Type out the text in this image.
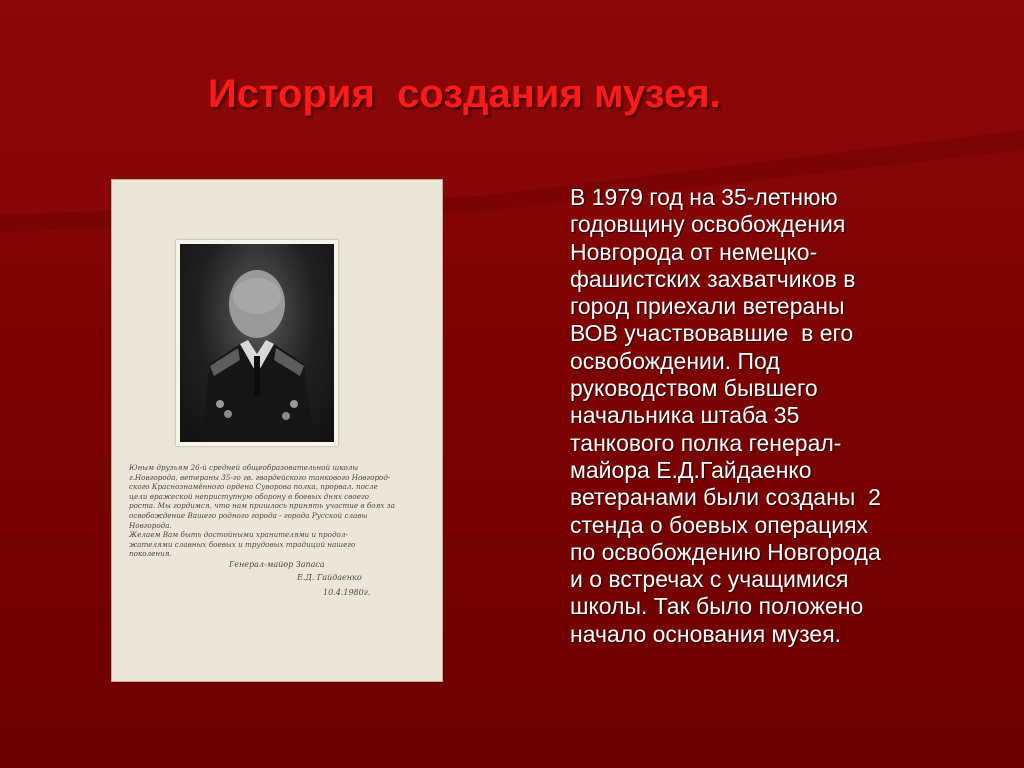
История  создания музея.

Юным друзьям 26-й средней общеобразовательной школы

г.Новгорода, ветераны 35-го гв. гвардейского танкового Новгород-

ского Краснознамённого ордена Суворова полка, прорвал. после

цели вражеской неприступную оборону в боевых днях своего

роста. Мы гордимся, что нам пришлось принять участие в боях за

освобождение Вашего родного города - города Русской славы

Новгорода.

Желаем Вам быть достойными хранителями и продол-

жателями славных боевых и трудовых традиций нашего

поколения.

Генерал-майор Запаса
Е.Д. Гайдаенко
10.4.1980г.
В 1979 год на 35-летнюю
годовщину освобождения
Новгорода от немецко-
фашистских захватчиков в
город приехали ветераны
ВОВ участвовавшие  в его
освобождении. Под
руководством бывшего
начальника штаба 35
танкового полка генерал-
майора Е.Д.Гайдаенко
ветеранами были созданы  2
стенда о боевых операциях
по освобождению Новгорода
и о встречах с учащимися
школы. Так было положено
начало основания музея.
